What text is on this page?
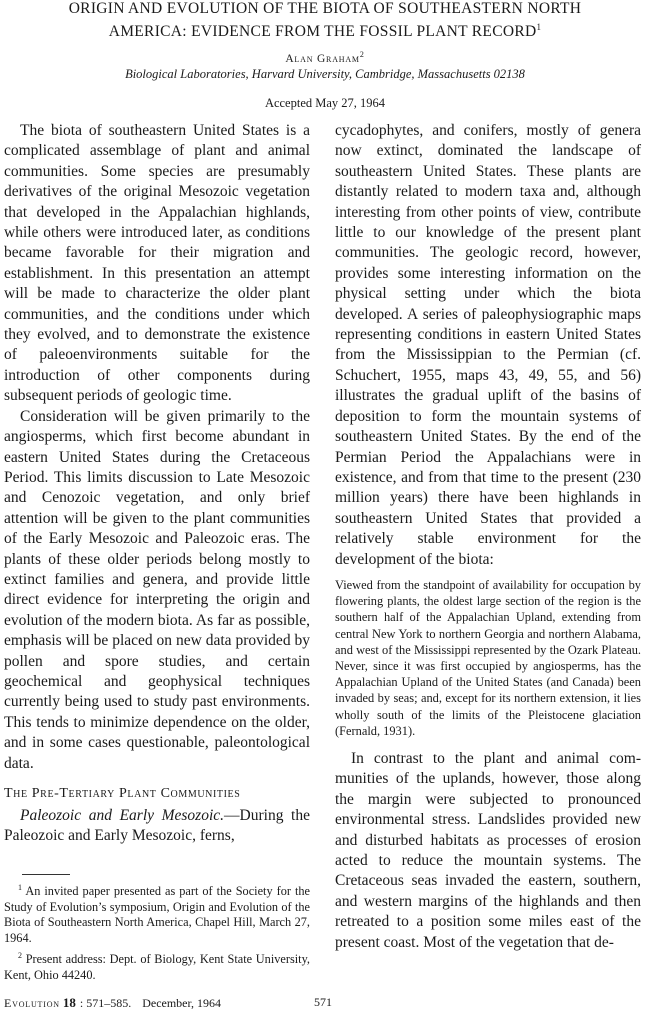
ORIGIN AND EVOLUTION OF THE BIOTA OF SOUTHEASTERN NORTH
AMERICA: EVIDENCE FROM THE FOSSIL PLANT RECORD$^1$
Alan Graham$^2$
Biological Laboratories, Harvard University, Cambridge, Massachusetts 02138
Accepted May 27, 1964

The biota of southeastern United States is a complicated assemblage of plant and animal communities. Some species are presumably derivatives of the original Mesozoic vegetation that developed in the Appalachian highlands, while others were introduced later, as conditions became favorable for their migration and establishment. In this presentation an attempt will be made to characterize the older plant communities, and the conditions under which they evolved, and to demonstrate the existence of paleoenvironments suitable for the introduction of other components during subsequent periods of geologic time.

Consideration will be given primarily to the angiosperms, which first become abundant in eastern United States during the Cretaceous Period. This limits discussion to Late Mesozoic and Cenozoic vegetation, and only brief attention will be given to the plant communities of the Early Mesozoic and Paleozoic eras. The plants of these older periods belong mostly to extinct families and genera, and provide little direct evidence for interpreting the origin and evolution of the modern biota. As far as possible, emphasis will be placed on new data provided by pollen and spore studies, and certain geochemical and geophysical techniques currently being used to study past environments. This tends to minimize dependence on the older, and in some cases questionable, paleontological data.

The Pre-Tertiary Plant Communities

Paleozoic and Early Mesozoic.—During the Paleozoic and Early Mesozoic, ferns,

cycadophytes, and conifers, mostly of genera now extinct, dominated the landscape of southeastern United States. These plants are distantly related to modern taxa and, although interesting from other points of view, contribute little to our knowledge of the present plant communities. The geologic record, however, provides some interesting information on the physical setting under which the biota developed. A series of paleophysiographic maps representing conditions in eastern United States from the Mississippian to the Permian (cf. Schuchert, 1955, maps 43, 49, 55, and 56) illustrates the gradual uplift of the basins of deposition to form the mountain systems of southeastern United States. By the end of the Permian Period the Appalachians were in existence, and from that time to the present (230 million years) there have been highlands in southeastern United States that provided a relatively stable environment for the development of the biota:

Viewed from the standpoint of availability for occupation by flowering plants, the oldest large section of the region is the southern half of the Appalachian Upland, extending from central New York to northern Georgia and northern Alabama, and west of the Mississippi represented by the Ozark Plateau. Never, since it was first occupied by angiosperms, has the Appalachian Upland of the United States (and Canada) been invaded by seas; and, except for its northern extension, it lies wholly south of the limits of the Pleistocene glaciation (Fernald, 1931).

In contrast to the plant and animal communities of the uplands, however, those along the margin were subjected to pronounced environmental stress. Landslides provided new and disturbed habitats as processes of erosion acted to reduce the mountain systems. The Cretaceous seas invaded the eastern, southern, and western margins of the highlands and then retreated to a position some miles east of the present coast. Most of the vegetation that de-

$^1$ An invited paper presented as part of the Society for the Study of Evolution’s symposium, Origin and Evolution of the Biota of Southeastern North America, Chapel Hill, March 27, 1964.

$^2$ Present address: Dept. of Biology, Kent State University, Kent, Ohio 44240.

Evolution 18 : 571–585. December, 1964	571
